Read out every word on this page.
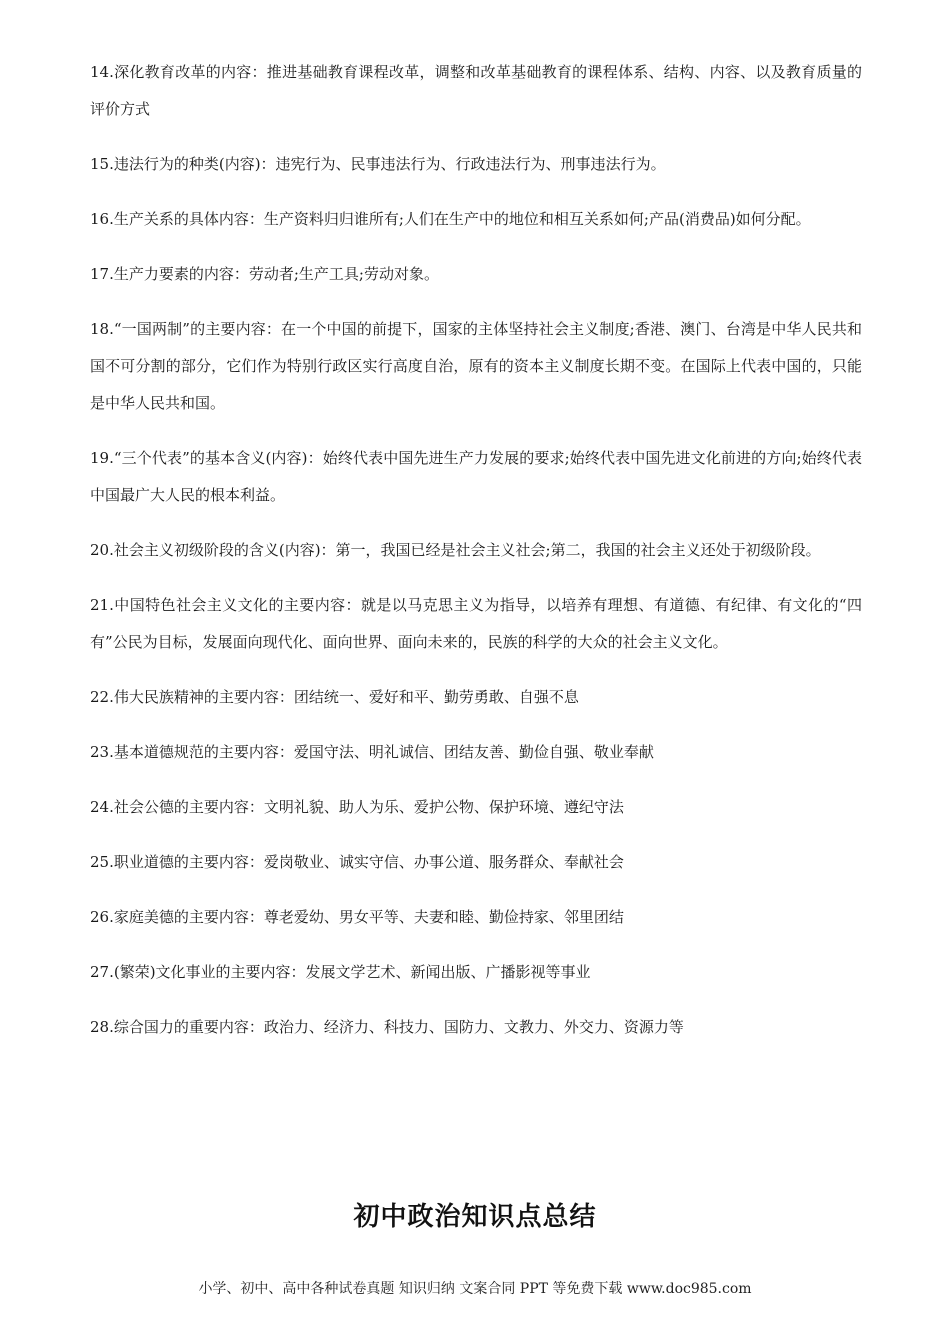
14.深化教育改革的内容：推进基础教育课程改革，调整和改革基础教育的课程体系、结构、内容、以及教育质量的评价方式

15.违法行为的种类(内容)：违宪行为、民事违法行为、行政违法行为、刑事违法行为。

16.生产关系的具体内容：生产资料归归谁所有;人们在生产中的地位和相互关系如何;产品(消费品)如何分配。

17.生产力要素的内容：劳动者;生产工具;劳动对象。

18.“一国两制”的主要内容：在一个中国的前提下，国家的主体坚持社会主义制度;香港、澳门、台湾是中华人民共和国不可分割的部分，它们作为特别行政区实行高度自治，原有的资本主义制度长期不变。在国际上代表中国的，只能是中华人民共和国。

19.“三个代表”的基本含义(内容)：始终代表中国先进生产力发展的要求;始终代表中国先进文化前进的方向;始终代表中国最广大人民的根本利益。

20.社会主义初级阶段的含义(内容)：第一，我国已经是社会主义社会;第二，我国的社会主义还处于初级阶段。

21.中国特色社会主义文化的主要内容：就是以马克思主义为指导，以培养有理想、有道德、有纪律、有文化的“四有”公民为目标，发展面向现代化、面向世界、面向未来的，民族的科学的大众的社会主义文化。

22.伟大民族精神的主要内容：团结统一、爱好和平、勤劳勇敢、自强不息

23.基本道德规范的主要内容：爱国守法、明礼诚信、团结友善、勤俭自强、敬业奉献

24.社会公德的主要内容：文明礼貌、助人为乐、爱护公物、保护环境、遵纪守法

25.职业道德的主要内容：爱岗敬业、诚实守信、办事公道、服务群众、奉献社会

26.家庭美德的主要内容：尊老爱幼、男女平等、夫妻和睦、勤俭持家、邻里团结

27.(繁荣)文化事业的主要内容：发展文学艺术、新闻出版、广播影视等事业

28.综合国力的重要内容：政治力、经济力、科技力、国防力、文教力、外交力、资源力等

初中政治知识点总结
小学、初中、高中各种试卷真题 知识归纳 文案合同 PPT 等免费下载 www.doc985.com
